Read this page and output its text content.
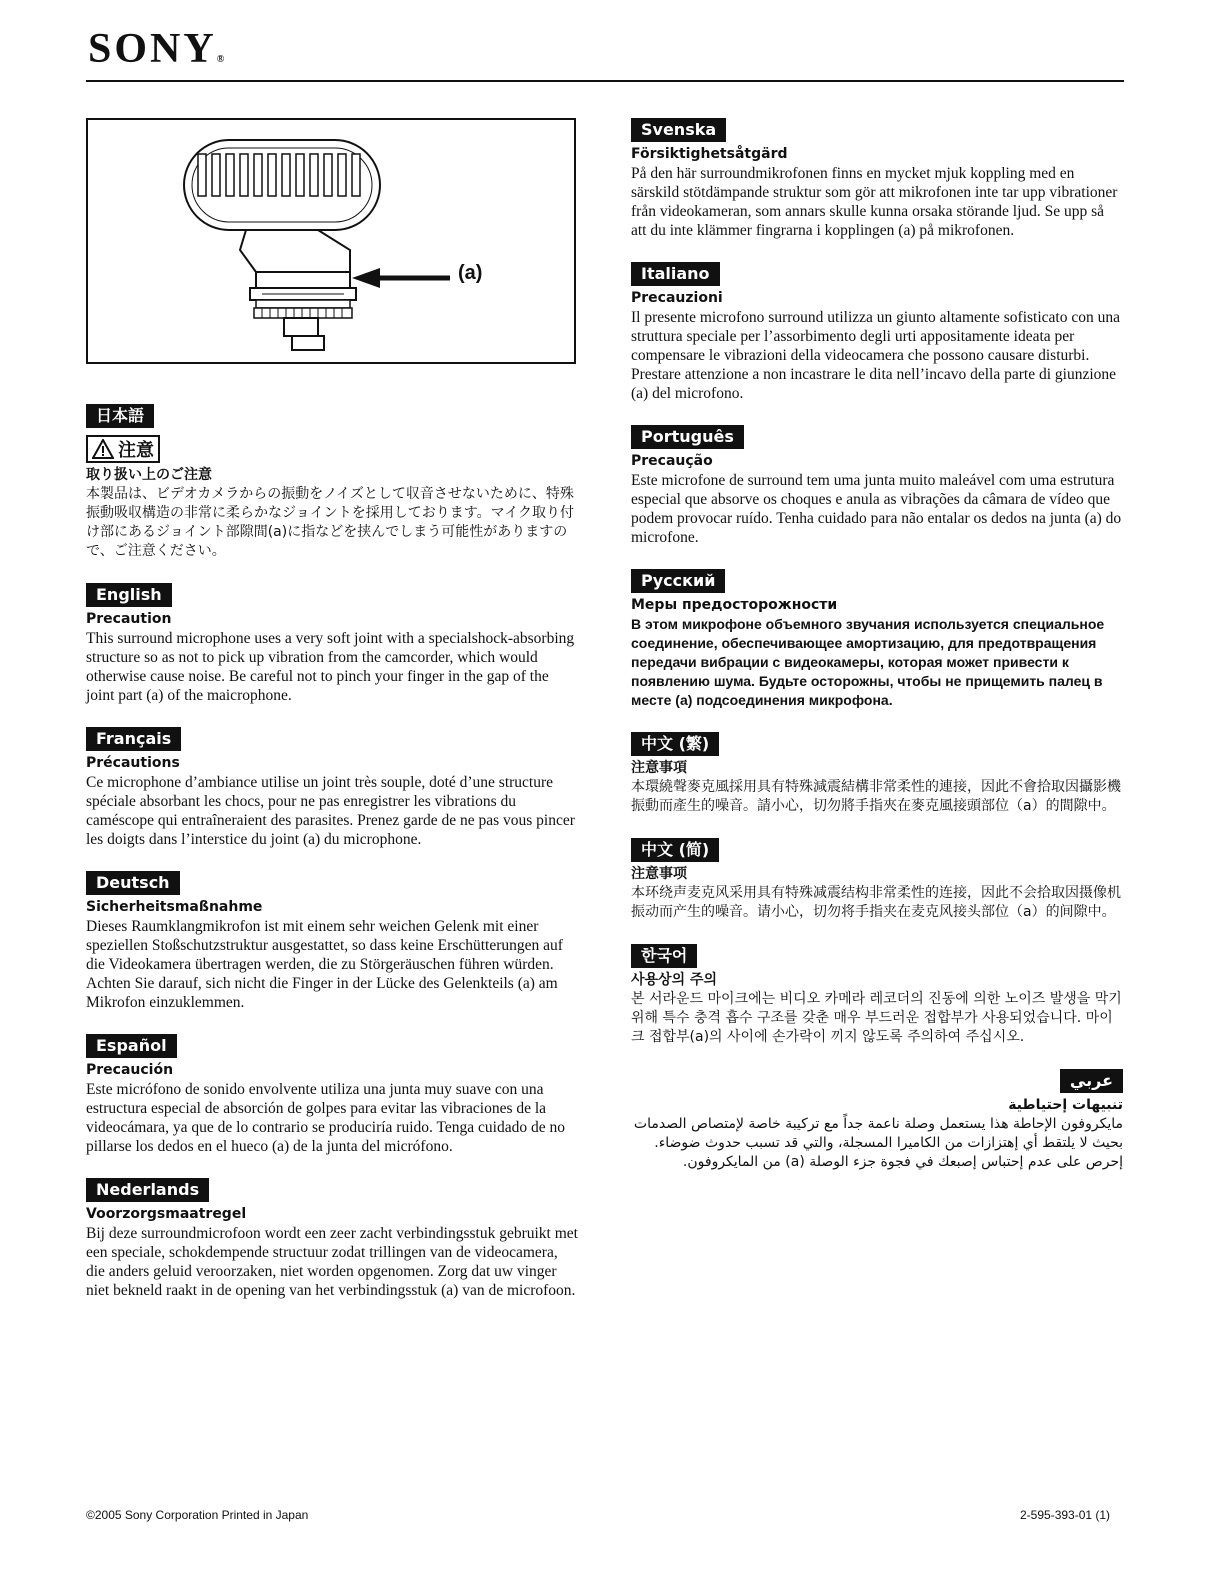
SONY®
(a)
日本語

注意
取り扱い上のご注意
本製品は、ビデオカメラからの振動をノイズとして収音させないために、特殊振動吸収構造の非常に柔らかなジョイントを採用しております。マイク取り付け部にあるジョイント部隙間(a)に指などを挟んでしまう可能性がありますので、ご注意ください。
English
Precaution
This surround microphone uses a very soft joint with a specialshock-absorbing structure so as not to pick up vibration from the camcorder, which would otherwise cause noise. Be careful not to pinch your finger in the gap of the joint part (a) of the maicrophone.
Français
Précautions
Ce microphone d’ambiance utilise un joint très souple, doté d’une structure spéciale absorbant les chocs, pour ne pas enregistrer les vibrations du caméscope qui entraîneraient des parasites. Prenez garde de ne pas vous pincer les doigts dans l’interstice du joint (a) du microphone.
Deutsch
Sicherheitsmaßnahme
Dieses Raumklangmikrofon ist mit einem sehr weichen Gelenk mit einer speziellen Stoßschutzstruktur ausgestattet, so dass keine Erschütterungen auf die Videokamera übertragen werden, die zu Störgeräuschen führen würden. Achten Sie darauf, sich nicht die Finger in der Lücke des Gelenkteils (a) am Mikrofon einzuklemmen.
Español
Precaución
Este micrófono de sonido envolvente utiliza una junta muy suave con una estructura especial de absorción de golpes para evitar las vibraciones de la videocámara, ya que de lo contrario se produciría ruido. Tenga cuidado de no pillarse los dedos en el hueco (a) de la junta del micrófono.
Nederlands
Voorzorgsmaatregel
Bij deze surroundmicrofoon wordt een zeer zacht verbindingsstuk gebruikt met een speciale, schokdempende structuur zodat trillingen van de videocamera, die anders geluid veroorzaken, niet worden opgenomen. Zorg dat uw vinger niet bekneld raakt in de opening van het verbindingsstuk (a) van de microfoon.
Svenska
Försiktighetsåtgärd
På den här surroundmikrofonen finns en mycket mjuk koppling med en särskild stötdämpande struktur som gör att mikrofonen inte tar upp vibrationer från videokameran, som annars skulle kunna orsaka störande ljud. Se upp så att du inte klämmer fingrarna i kopplingen (a) på mikrofonen.
Italiano
Precauzioni
Il presente microfono surround utilizza un giunto altamente sofisticato con una struttura speciale per l’assorbimento degli urti appositamente ideata per compensare le vibrazioni della videocamera che possono causare disturbi. Prestare attenzione a non incastrare le dita nell’incavo della parte di giunzione (a) del microfono.
Português
Precaução
Este microfone de surround tem uma junta muito maleável com uma estrutura especial que absorve os choques e anula as vibrações da câmara de vídeo que podem provocar ruído. Tenha cuidado para não entalar os dedos na junta (a) do microfone.
Русский
Меры предосторожности
В этом микрофоне объемного звучания используется специальное соединение, обеспечивающее амортизацию, для предотвращения передачи вибрации с видеокамеры, которая может привести к появлению шума. Будьте осторожны, чтобы не прищемить палец в месте (a) подсоединения микрофона.
中文 (繁)
注意事項
本環繞聲麥克風採用具有特殊減震結構非常柔性的連接，因此不會拾取因攝影機振動而產生的噪音。請小心，切勿將手指夾在麥克風接頭部位（a）的間隙中。
中文 (简)
注意事项
本环绕声麦克风采用具有特殊减震结构非常柔性的连接，因此不会拾取因摄像机振动而产生的噪音。请小心，切勿将手指夹在麦克风接头部位（a）的间隙中。
한국어
사용상의 주의
본 서라운드 마이크에는 비디오 카메라 레코더의 진동에 의한 노이즈 발생을 막기 위해 특수 충격 흡수 구조를 갖춘 매우 부드러운 접합부가 사용되었습니다. 마이크 접합부(a)의 사이에 손가락이 끼지 않도록 주의하여 주십시오.
عربي
تنبيهات إحتياطية
مايكروفون الإحاطة هذا يستعمل وصلة ناعمة جداً مع تركيبة خاصة لإمتصاص الصدمات بحيث لا يلتقط أي إهتزازات من الكاميرا المسجلة، والتي قد تسبب حدوث ضوضاء. إحرص على عدم إحتباس إصبعك في فجوة جزء الوصلة (a) من المايكروفون.
©2005 Sony Corporation Printed in Japan	2-595-393-01 (1)
